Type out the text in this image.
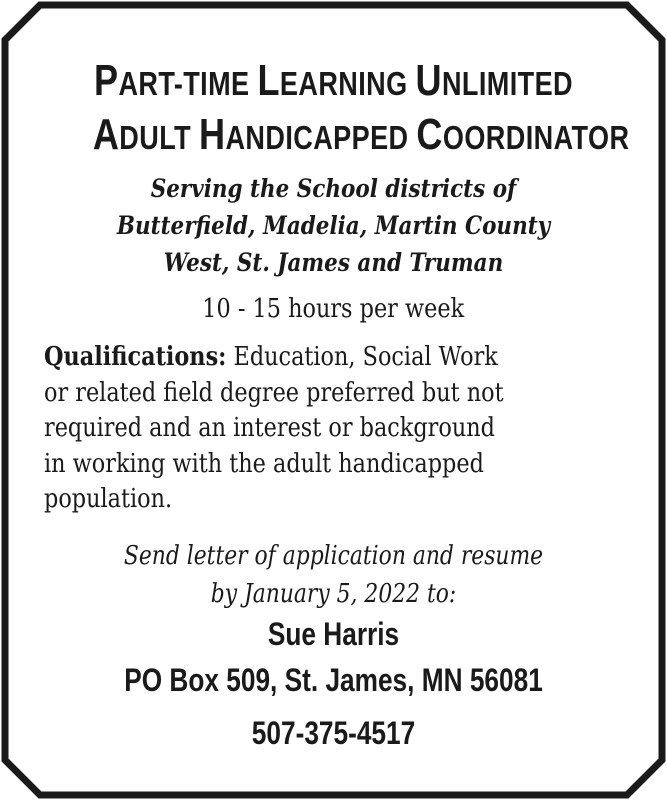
PART-TIME LEARNING UNLIMITED
ADULT HANDICAPPED COORDINATOR
Serving the School districts of
Butterfield, Madelia, Martin County
West, St. James and Truman
10 - 15 hours per week
Qualifications: Education, Social Work
or related field degree preferred but not
required and an interest or background
in working with the adult handicapped
population.
Send letter of application and resume
by January 5, 2022 to:
Sue Harris
PO Box 509, St. James, MN 56081
507-375-4517
